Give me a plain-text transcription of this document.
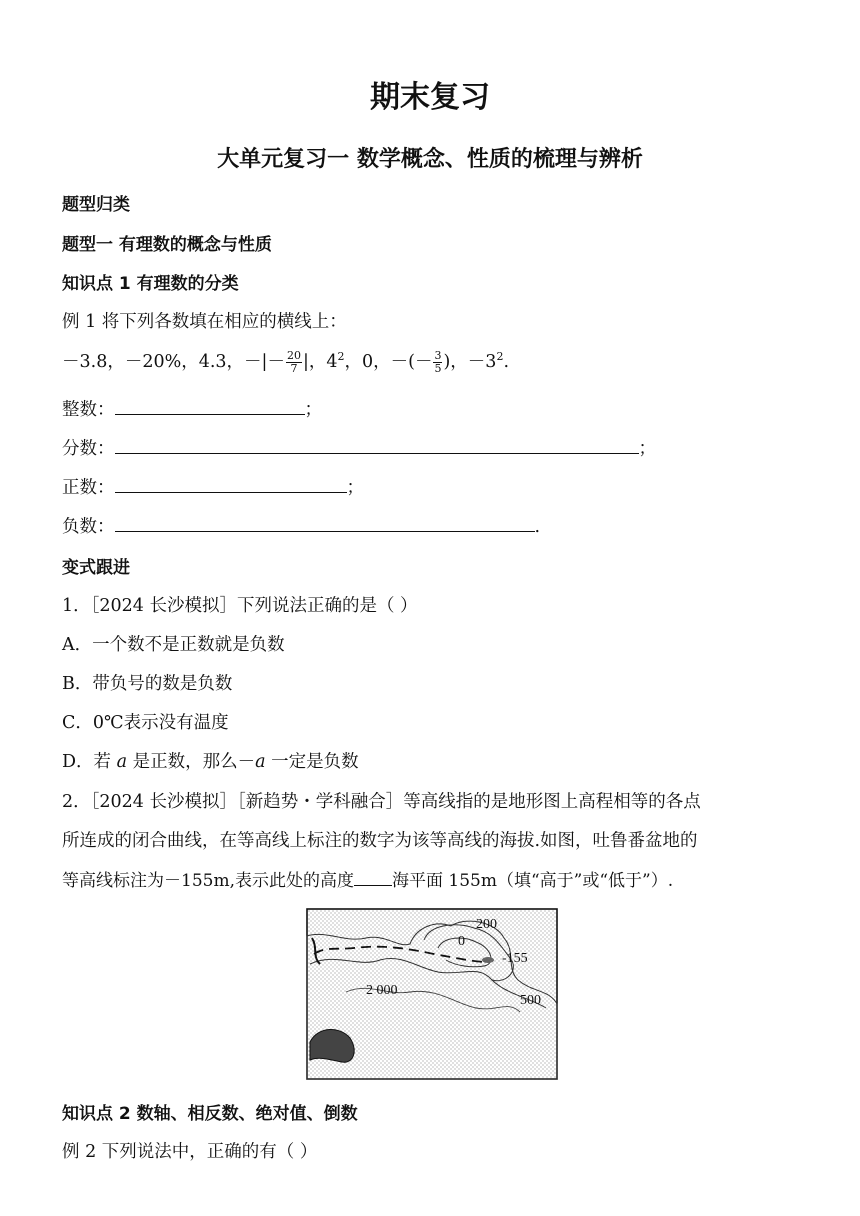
期末复习
大单元复习一 数学概念、性质的梳理与辨析
题型归类
题型一 有理数的概念与性质
知识点 1 有理数的分类
例 1 将下列各数填在相应的横线上：
－3.8，－20%，4.3，－|－ $\frac{20}{7}$ |，$4^2$，0，－(－ $\frac{3}{5}$ )，$-3^2$.
整数：	；
分数：	；
正数：	；
负数：	.
变式跟进
1．［2024 长沙模拟］下列说法正确的是（ ）
A．一个数不是正数就是负数
B．带负号的数是负数
C．0℃表示没有温度
D．若 a 是正数，那么－a 一定是负数
2．［2024 长沙模拟］［新趋势・学科融合］等高线指的是地形图上高程相等的各点
所连成的闭合曲线，在等高线上标注的数字为该等高线的海拔.如图，吐鲁番盆地的
等高线标注为－155m,表示此处的高度 海平面 155m（填“高于”或“低于”）.
200
0
-155
2 000
500
知识点 2 数轴、相反数、绝对值、倒数
例 2 下列说法中，正确的有（ ）
